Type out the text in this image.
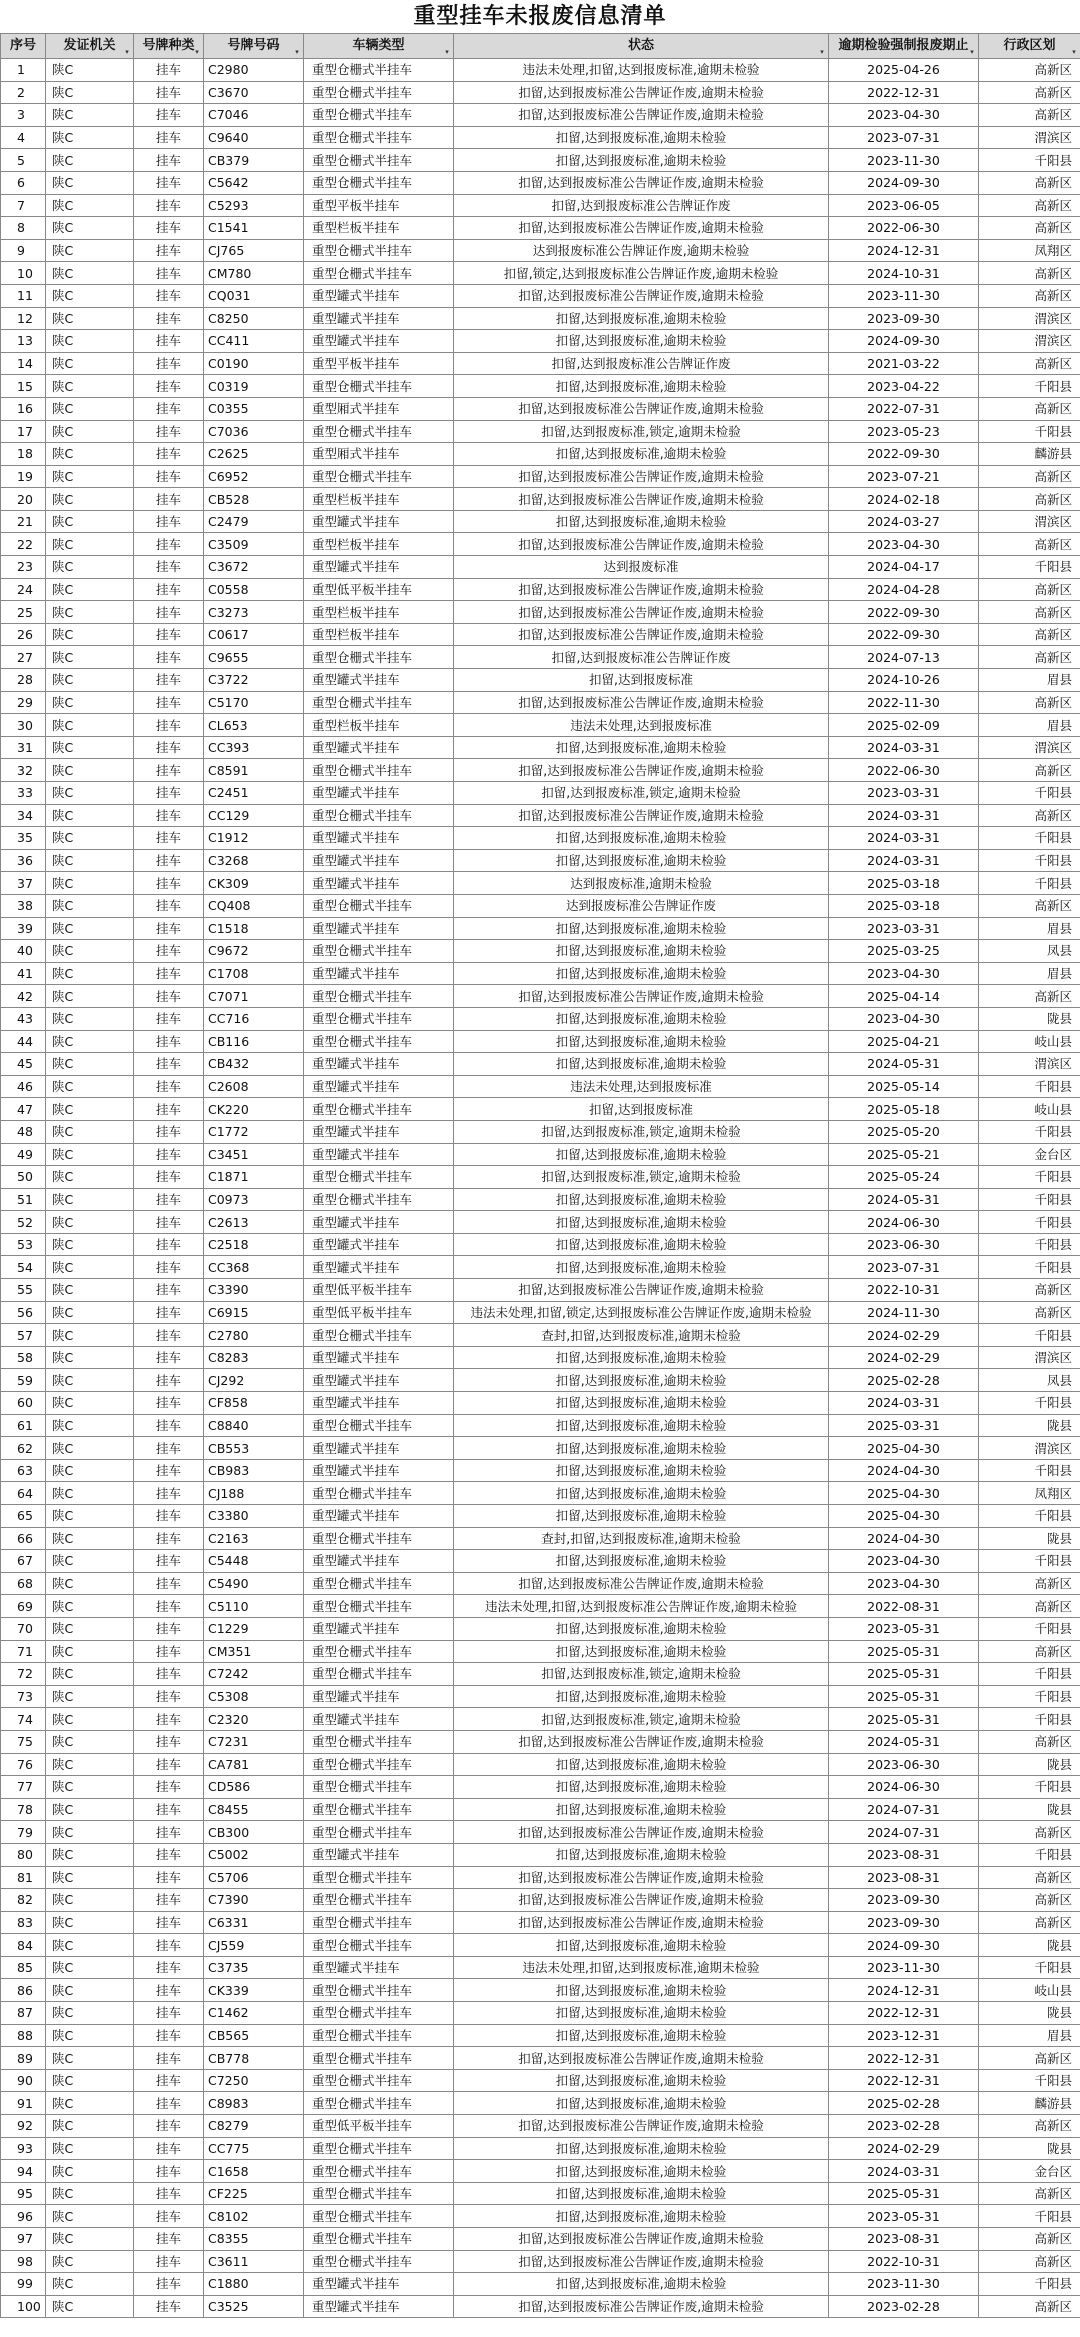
重型挂车未报废信息清单
序号	发证机关 ▾	号牌种类 ▾	号牌号码 ▾	车辆类型 ▾	状态 ▾	逾期检验强制报废期止 ▾	行政区划 ▾

1	陕C	挂车	C2980	重型仓栅式半挂车	违法未处理,扣留,达到报废标准,逾期未检验	2025-04-26	高新区
2	陕C	挂车	C3670	重型仓栅式半挂车	扣留,达到报废标准公告牌证作废,逾期未检验	2022-12-31	高新区
3	陕C	挂车	C7046	重型仓栅式半挂车	扣留,达到报废标准公告牌证作废,逾期未检验	2023-04-30	高新区
4	陕C	挂车	C9640	重型仓栅式半挂车	扣留,达到报废标准,逾期未检验	2023-07-31	渭滨区
5	陕C	挂车	CB379	重型仓栅式半挂车	扣留,达到报废标准,逾期未检验	2023-11-30	千阳县
6	陕C	挂车	C5642	重型仓栅式半挂车	扣留,达到报废标准公告牌证作废,逾期未检验	2024-09-30	高新区
7	陕C	挂车	C5293	重型平板半挂车	扣留,达到报废标准公告牌证作废	2023-06-05	高新区
8	陕C	挂车	C1541	重型栏板半挂车	扣留,达到报废标准公告牌证作废,逾期未检验	2022-06-30	高新区
9	陕C	挂车	CJ765	重型仓栅式半挂车	达到报废标准公告牌证作废,逾期未检验	2024-12-31	凤翔区
10	陕C	挂车	CM780	重型仓栅式半挂车	扣留,锁定,达到报废标准公告牌证作废,逾期未检验	2024-10-31	高新区
11	陕C	挂车	CQ031	重型罐式半挂车	扣留,达到报废标准公告牌证作废,逾期未检验	2023-11-30	高新区
12	陕C	挂车	C8250	重型罐式半挂车	扣留,达到报废标准,逾期未检验	2023-09-30	渭滨区
13	陕C	挂车	CC411	重型罐式半挂车	扣留,达到报废标准,逾期未检验	2024-09-30	渭滨区
14	陕C	挂车	C0190	重型平板半挂车	扣留,达到报废标准公告牌证作废	2021-03-22	高新区
15	陕C	挂车	C0319	重型仓栅式半挂车	扣留,达到报废标准,逾期未检验	2023-04-22	千阳县
16	陕C	挂车	C0355	重型厢式半挂车	扣留,达到报废标准公告牌证作废,逾期未检验	2022-07-31	高新区
17	陕C	挂车	C7036	重型仓栅式半挂车	扣留,达到报废标准,锁定,逾期未检验	2023-05-23	千阳县
18	陕C	挂车	C2625	重型厢式半挂车	扣留,达到报废标准,逾期未检验	2022-09-30	麟游县
19	陕C	挂车	C6952	重型仓栅式半挂车	扣留,达到报废标准公告牌证作废,逾期未检验	2023-07-21	高新区
20	陕C	挂车	CB528	重型栏板半挂车	扣留,达到报废标准公告牌证作废,逾期未检验	2024-02-18	高新区
21	陕C	挂车	C2479	重型罐式半挂车	扣留,达到报废标准,逾期未检验	2024-03-27	渭滨区
22	陕C	挂车	C3509	重型栏板半挂车	扣留,达到报废标准公告牌证作废,逾期未检验	2023-04-30	高新区
23	陕C	挂车	C3672	重型罐式半挂车	达到报废标准	2024-04-17	千阳县
24	陕C	挂车	C0558	重型低平板半挂车	扣留,达到报废标准公告牌证作废,逾期未检验	2024-04-28	高新区
25	陕C	挂车	C3273	重型栏板半挂车	扣留,达到报废标准公告牌证作废,逾期未检验	2022-09-30	高新区
26	陕C	挂车	C0617	重型栏板半挂车	扣留,达到报废标准公告牌证作废,逾期未检验	2022-09-30	高新区
27	陕C	挂车	C9655	重型仓栅式半挂车	扣留,达到报废标准公告牌证作废	2024-07-13	高新区
28	陕C	挂车	C3722	重型罐式半挂车	扣留,达到报废标准	2024-10-26	眉县
29	陕C	挂车	C5170	重型仓栅式半挂车	扣留,达到报废标准公告牌证作废,逾期未检验	2022-11-30	高新区
30	陕C	挂车	CL653	重型栏板半挂车	违法未处理,达到报废标准	2025-02-09	眉县
31	陕C	挂车	CC393	重型罐式半挂车	扣留,达到报废标准,逾期未检验	2024-03-31	渭滨区
32	陕C	挂车	C8591	重型仓栅式半挂车	扣留,达到报废标准公告牌证作废,逾期未检验	2022-06-30	高新区
33	陕C	挂车	C2451	重型罐式半挂车	扣留,达到报废标准,锁定,逾期未检验	2023-03-31	千阳县
34	陕C	挂车	CC129	重型仓栅式半挂车	扣留,达到报废标准公告牌证作废,逾期未检验	2024-03-31	高新区
35	陕C	挂车	C1912	重型罐式半挂车	扣留,达到报废标准,逾期未检验	2024-03-31	千阳县
36	陕C	挂车	C3268	重型罐式半挂车	扣留,达到报废标准,逾期未检验	2024-03-31	千阳县
37	陕C	挂车	CK309	重型罐式半挂车	达到报废标准,逾期未检验	2025-03-18	千阳县
38	陕C	挂车	CQ408	重型仓栅式半挂车	达到报废标准公告牌证作废	2025-03-18	高新区
39	陕C	挂车	C1518	重型罐式半挂车	扣留,达到报废标准,逾期未检验	2023-03-31	眉县
40	陕C	挂车	C9672	重型仓栅式半挂车	扣留,达到报废标准,逾期未检验	2025-03-25	凤县
41	陕C	挂车	C1708	重型罐式半挂车	扣留,达到报废标准,逾期未检验	2023-04-30	眉县
42	陕C	挂车	C7071	重型仓栅式半挂车	扣留,达到报废标准公告牌证作废,逾期未检验	2025-04-14	高新区
43	陕C	挂车	CC716	重型仓栅式半挂车	扣留,达到报废标准,逾期未检验	2023-04-30	陇县
44	陕C	挂车	CB116	重型仓栅式半挂车	扣留,达到报废标准,逾期未检验	2025-04-21	岐山县
45	陕C	挂车	CB432	重型罐式半挂车	扣留,达到报废标准,逾期未检验	2024-05-31	渭滨区
46	陕C	挂车	C2608	重型罐式半挂车	违法未处理,达到报废标准	2025-05-14	千阳县
47	陕C	挂车	CK220	重型仓栅式半挂车	扣留,达到报废标准	2025-05-18	岐山县
48	陕C	挂车	C1772	重型罐式半挂车	扣留,达到报废标准,锁定,逾期未检验	2025-05-20	千阳县
49	陕C	挂车	C3451	重型罐式半挂车	扣留,达到报废标准,逾期未检验	2025-05-21	金台区
50	陕C	挂车	C1871	重型仓栅式半挂车	扣留,达到报废标准,锁定,逾期未检验	2025-05-24	千阳县
51	陕C	挂车	C0973	重型仓栅式半挂车	扣留,达到报废标准,逾期未检验	2024-05-31	千阳县
52	陕C	挂车	C2613	重型罐式半挂车	扣留,达到报废标准,逾期未检验	2024-06-30	千阳县
53	陕C	挂车	C2518	重型罐式半挂车	扣留,达到报废标准,逾期未检验	2023-06-30	千阳县
54	陕C	挂车	CC368	重型罐式半挂车	扣留,达到报废标准,逾期未检验	2023-07-31	千阳县
55	陕C	挂车	C3390	重型低平板半挂车	扣留,达到报废标准公告牌证作废,逾期未检验	2022-10-31	高新区
56	陕C	挂车	C6915	重型低平板半挂车	违法未处理,扣留,锁定,达到报废标准公告牌证作废,逾期未检验	2024-11-30	高新区
57	陕C	挂车	C2780	重型仓栅式半挂车	查封,扣留,达到报废标准,逾期未检验	2024-02-29	千阳县
58	陕C	挂车	C8283	重型罐式半挂车	扣留,达到报废标准,逾期未检验	2024-02-29	渭滨区
59	陕C	挂车	CJ292	重型罐式半挂车	扣留,达到报废标准,逾期未检验	2025-02-28	凤县
60	陕C	挂车	CF858	重型罐式半挂车	扣留,达到报废标准,逾期未检验	2024-03-31	千阳县
61	陕C	挂车	C8840	重型仓栅式半挂车	扣留,达到报废标准,逾期未检验	2025-03-31	陇县
62	陕C	挂车	CB553	重型罐式半挂车	扣留,达到报废标准,逾期未检验	2025-04-30	渭滨区
63	陕C	挂车	CB983	重型罐式半挂车	扣留,达到报废标准,逾期未检验	2024-04-30	千阳县
64	陕C	挂车	CJ188	重型仓栅式半挂车	扣留,达到报废标准,逾期未检验	2025-04-30	凤翔区
65	陕C	挂车	C3380	重型罐式半挂车	扣留,达到报废标准,逾期未检验	2025-04-30	千阳县
66	陕C	挂车	C2163	重型仓栅式半挂车	查封,扣留,达到报废标准,逾期未检验	2024-04-30	陇县
67	陕C	挂车	C5448	重型罐式半挂车	扣留,达到报废标准,逾期未检验	2023-04-30	千阳县
68	陕C	挂车	C5490	重型仓栅式半挂车	扣留,达到报废标准公告牌证作废,逾期未检验	2023-04-30	高新区
69	陕C	挂车	C5110	重型仓栅式半挂车	违法未处理,扣留,达到报废标准公告牌证作废,逾期未检验	2022-08-31	高新区
70	陕C	挂车	C1229	重型罐式半挂车	扣留,达到报废标准,逾期未检验	2023-05-31	千阳县
71	陕C	挂车	CM351	重型仓栅式半挂车	扣留,达到报废标准,逾期未检验	2025-05-31	高新区
72	陕C	挂车	C7242	重型仓栅式半挂车	扣留,达到报废标准,锁定,逾期未检验	2025-05-31	千阳县
73	陕C	挂车	C5308	重型罐式半挂车	扣留,达到报废标准,逾期未检验	2025-05-31	千阳县
74	陕C	挂车	C2320	重型罐式半挂车	扣留,达到报废标准,锁定,逾期未检验	2025-05-31	千阳县
75	陕C	挂车	C7231	重型仓栅式半挂车	扣留,达到报废标准公告牌证作废,逾期未检验	2024-05-31	高新区
76	陕C	挂车	CA781	重型仓栅式半挂车	扣留,达到报废标准,逾期未检验	2023-06-30	陇县
77	陕C	挂车	CD586	重型仓栅式半挂车	扣留,达到报废标准,逾期未检验	2024-06-30	千阳县
78	陕C	挂车	C8455	重型仓栅式半挂车	扣留,达到报废标准,逾期未检验	2024-07-31	陇县
79	陕C	挂车	CB300	重型仓栅式半挂车	扣留,达到报废标准公告牌证作废,逾期未检验	2024-07-31	高新区
80	陕C	挂车	C5002	重型罐式半挂车	扣留,达到报废标准,逾期未检验	2023-08-31	千阳县
81	陕C	挂车	C5706	重型仓栅式半挂车	扣留,达到报废标准公告牌证作废,逾期未检验	2023-08-31	高新区
82	陕C	挂车	C7390	重型仓栅式半挂车	扣留,达到报废标准公告牌证作废,逾期未检验	2023-09-30	高新区
83	陕C	挂车	C6331	重型仓栅式半挂车	扣留,达到报废标准公告牌证作废,逾期未检验	2023-09-30	高新区
84	陕C	挂车	CJ559	重型仓栅式半挂车	扣留,达到报废标准,逾期未检验	2024-09-30	陇县
85	陕C	挂车	C3735	重型罐式半挂车	违法未处理,扣留,达到报废标准,逾期未检验	2023-11-30	千阳县
86	陕C	挂车	CK339	重型仓栅式半挂车	扣留,达到报废标准,逾期未检验	2024-12-31	岐山县
87	陕C	挂车	C1462	重型仓栅式半挂车	扣留,达到报废标准,逾期未检验	2022-12-31	陇县
88	陕C	挂车	CB565	重型仓栅式半挂车	扣留,达到报废标准,逾期未检验	2023-12-31	眉县
89	陕C	挂车	CB778	重型仓栅式半挂车	扣留,达到报废标准公告牌证作废,逾期未检验	2022-12-31	高新区
90	陕C	挂车	C7250	重型仓栅式半挂车	扣留,达到报废标准,逾期未检验	2022-12-31	千阳县
91	陕C	挂车	C8983	重型仓栅式半挂车	扣留,达到报废标准,逾期未检验	2025-02-28	麟游县
92	陕C	挂车	C8279	重型低平板半挂车	扣留,达到报废标准公告牌证作废,逾期未检验	2023-02-28	高新区
93	陕C	挂车	CC775	重型仓栅式半挂车	扣留,达到报废标准,逾期未检验	2024-02-29	陇县
94	陕C	挂车	C1658	重型仓栅式半挂车	扣留,达到报废标准,逾期未检验	2024-03-31	金台区
95	陕C	挂车	CF225	重型仓栅式半挂车	扣留,达到报废标准,逾期未检验	2025-05-31	高新区
96	陕C	挂车	C8102	重型仓栅式半挂车	扣留,达到报废标准,逾期未检验	2023-05-31	千阳县
97	陕C	挂车	C8355	重型仓栅式半挂车	扣留,达到报废标准公告牌证作废,逾期未检验	2023-08-31	高新区
98	陕C	挂车	C3611	重型仓栅式半挂车	扣留,达到报废标准公告牌证作废,逾期未检验	2022-10-31	高新区
99	陕C	挂车	C1880	重型罐式半挂车	扣留,达到报废标准,逾期未检验	2023-11-30	千阳县
100	陕C	挂车	C3525	重型罐式半挂车	扣留,达到报废标准公告牌证作废,逾期未检验	2023-02-28	高新区
